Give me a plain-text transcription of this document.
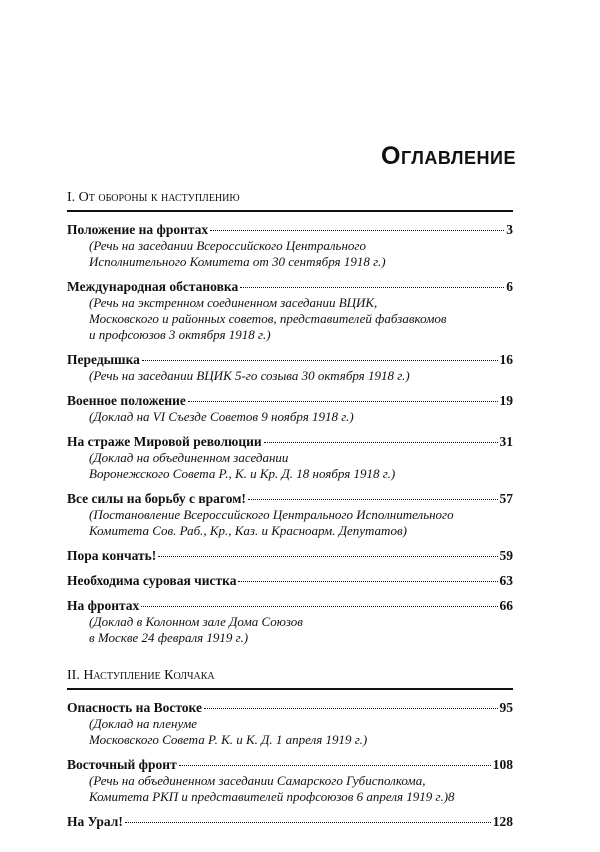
Оглавление
I. От обороны к наступлению
Положение на фронтах	3
(Речь на заседании Всероссийского Центрального
Исполнительного Комитета от 30 сентября 1918 г.)
Международная обстановка	6
(Речь на экстренном соединенном заседании ВЦИК,
Московского и районных советов, представителей фабзавкомов
и профсоюзов 3 октября 1918 г.)
Передышка	16
(Речь на заседании ВЦИК 5-го созыва 30 октября 1918 г.)
Военное положение	19
(Доклад на VI Съезде Советов 9 ноября 1918 г.)
На страже Мировой революции	31
(Доклад на объединенном заседании
Воронежского Совета Р., К. и Кр. Д. 18 ноября 1918 г.)
Все силы на борьбу с врагом!	57
(Постановление Всероссийского Центрального Исполнительного
Комитета Сов. Раб., Кр., Каз. и Красноарм. Депутатов)
Пора кончать!	59
Необходима суровая чистка	63
На фронтах	66
(Доклад в Колонном зале Дома Союзов
в Москве 24 февраля 1919 г.)
II. Наступление Колчака
Опасность на Востоке	95
(Доклад на пленуме
Московского Совета Р. К. и К. Д. 1 апреля 1919 г.)
Восточный фронт	108
(Речь на объединенном заседании Самарского Губисполкома,
Комитета РКП и представителей профсоюзов 6 апреля 1919 г.)8
На Урал!	128
